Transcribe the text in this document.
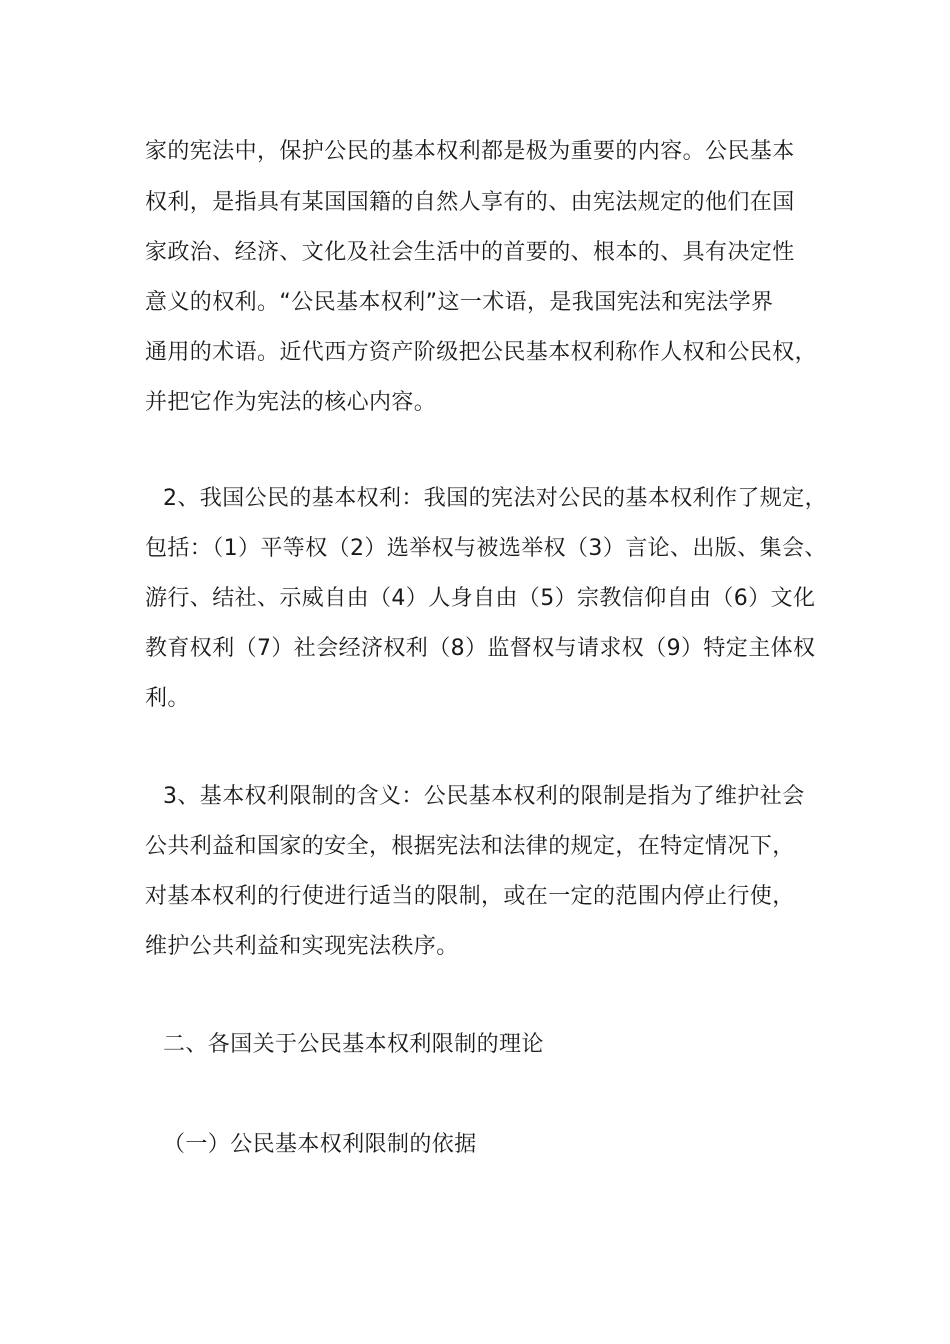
家的宪法中，保护公民的基本权利都是极为重要的内容。公民基本
权利，是指具有某国国籍的自然人享有的、由宪法规定的他们在国
家政治、经济、文化及社会生活中的首要的、根本的、具有决定性
意义的权利。“公民基本权利”这一术语，是我国宪法和宪法学界
通用的术语。近代西方资产阶级把公民基本权利称作人权和公民权，
并把它作为宪法的核心内容。
2、我国公民的基本权利：我国的宪法对公民的基本权利作了规定，
包括：（1）平等权（2）选举权与被选举权（3）言论、出版、集会、
游行、结社、示威自由（4）人身自由（5）宗教信仰自由（6）文化
教育权利（7）社会经济权利（8）监督权与请求权（9）特定主体权
利。
3、基本权利限制的含义：公民基本权利的限制是指为了维护社会
公共利益和国家的安全，根据宪法和法律的规定，在特定情况下，
对基本权利的行使进行适当的限制，或在一定的范围内停止行使，
维护公共利益和实现宪法秩序。
二、各国关于公民基本权利限制的理论
（一）公民基本权利限制的依据
